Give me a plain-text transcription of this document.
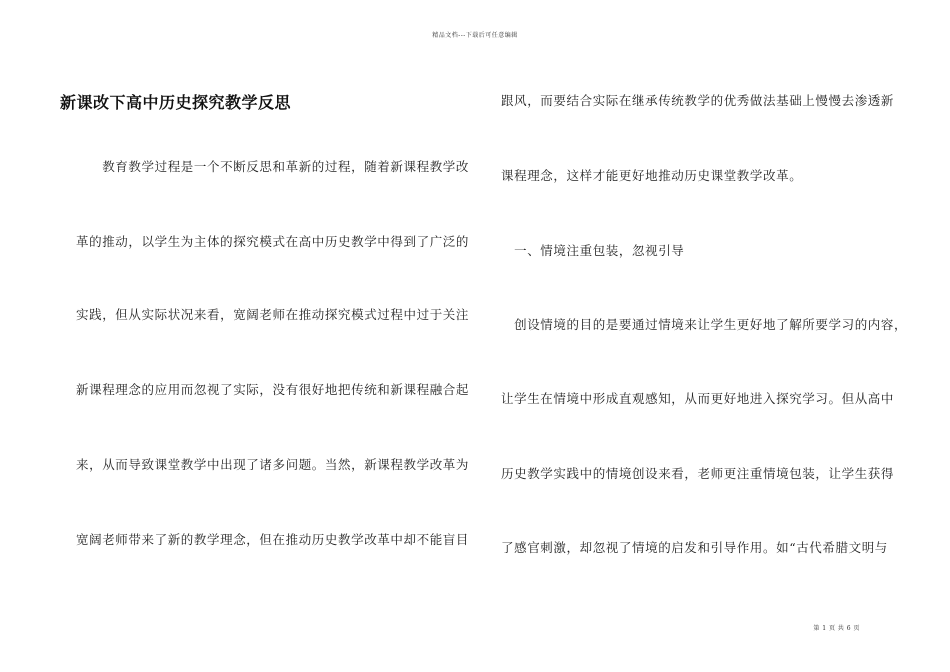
精品文档---下载后可任意编辑
新课改下高中历史探究教学反思
　　教育教学过程是一个不断反思和革新的过程，随着新课程教学改
革的推动，以学生为主体的探究模式在高中历史教学中得到了广泛的
实践，但从实际状况来看，宽阔老师在推动探究模式过程中过于关注
新课程理念的应用而忽视了实际，没有很好地把传统和新课程融合起
来，从而导致课堂教学中出现了诸多问题。当然，新课程教学改革为
宽阔老师带来了新的教学理念，但在推动历史教学改革中却不能盲目
跟风，而要结合实际在继承传统教学的优秀做法基础上慢慢去渗透新
课程理念，这样才能更好地推动历史课堂教学改革。
　一、情境注重包装，忽视引导
　创设情境的目的是要通过情境来让学生更好地了解所要学习的内容，
让学生在情境中形成直观感知，从而更好地进入探究学习。但从高中
历史教学实践中的情境创设来看，老师更注重情境包装，让学生获得
了感官刺激，却忽视了情境的启发和引导作用。如“古代希腊文明与
第 1 页 共 6 页
